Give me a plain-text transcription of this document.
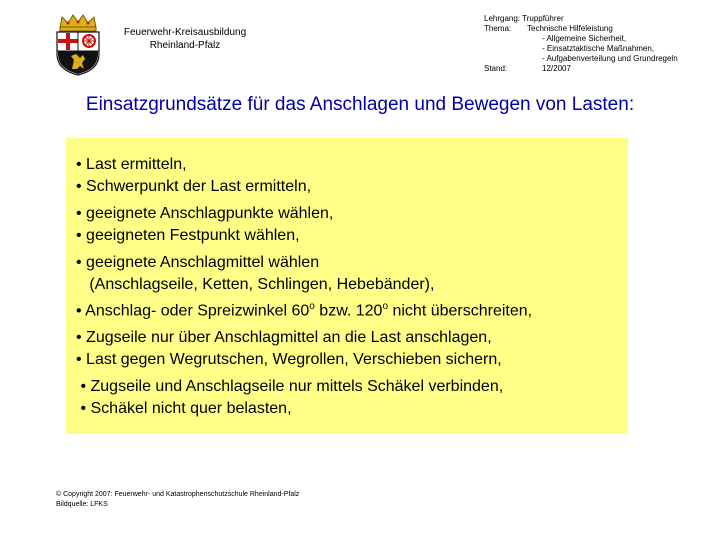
Feuerwehr-Kreisausbildung
Rheinland-Pfalz
Lehrgang: Truppführer
Thema:	Technische Hilfeleistung
- Allgemeine Sicherheit,
- Einsatztaktische Maßnahmen,
- Aufgabenverteilung und Grundregeln
Stand:	12/2007
Einsatzgrundsätze für das Anschlagen und Bewegen von Lasten:
• Last ermitteln,
• Schwerpunkt der Last ermitteln,
• geeignete Anschlagpunkte wählen,
• geeigneten Festpunkt wählen,
• geeignete Anschlagmittel wählen
(Anschlagseile, Ketten, Schlingen, Hebebänder),
• Anschlag- oder Spreizwinkel 60$^o$ bzw. 120$^o$ nicht überschreiten,
• Zugseile nur über Anschlagmittel an die Last anschlagen,
• Last gegen Wegrutschen, Wegrollen, Verschieben sichern,
• Zugseile und Anschlagseile nur mittels Schäkel verbinden,
• Schäkel nicht quer belasten,
© Copyright 2007: Feuerwehr- und Katastrophenschutzschule Rheinland-Pfalz
Bildquelle: LFKS
